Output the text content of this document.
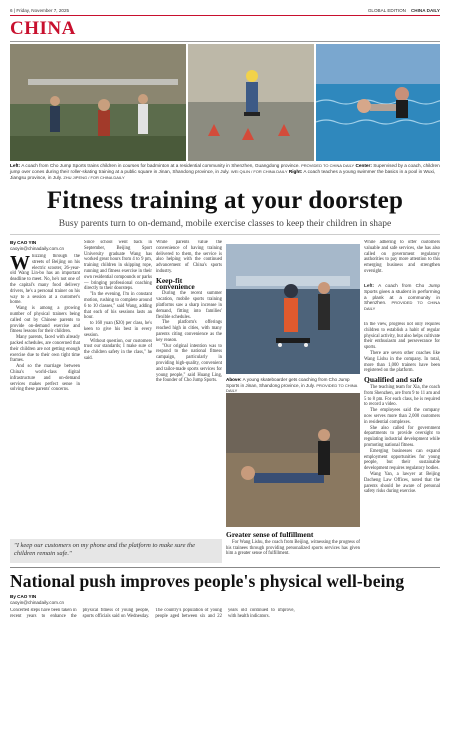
6 | Friday, November 7, 2025	GLOBAL EDITION CHINA DAILY
CHINA
Left: A coach from Cho Jump Sports trains children in courses for badminton at a residential community in Shenzhen, Guangdong province. PROVIDED TO CHINA DAILY Center: Supervised by a coach, children jump over cones during their roller-skating training at a public square in Jinan, Shandong province, in July. WEI QILIN / FOR CHINA DAILY Right: A coach teaches a young swimmer the basics in a pool in Wuxi, Jiangsu province, in July. ZHU JIPENG / FOR CHINA DAILY
Fitness training at your doorstep
Busy parents turn to on-demand, mobile exercise classes to keep their children in shape
By CAO YIN
caoyin@chinadaily.com.cn

Whizzing through the streets of Beijing on his electric scooter, 26-year-old Wang Lin-bo has an important deadline to meet. No, he's not one of the capital's many food delivery drivers, he's a personal trainer on his way to a session at a customer's home.

Wang is among a growing number of physical trainers being called out by Chinese parents to provide on-demand exercise and fitness lessons for their children.

Many parents, faced with already packed schedules, are concerned that their children are not getting enough exercise due to their own tight time frames.

And so the marriage between China's world-class digital infrastructure and on-demand services makes perfect sense in solving these parents' concerns.

Since school went back in September, Beijing Sport University graduate Wang has worked great hours from 4 to 9 pm, training children in skipping rope, running and fitness exercise in their own residential compounds or parks — bringing professional coaching directly to their doorsteps.

"In the evening, I'm in constant motion, rushing to complete around 6 to 10 classes," said Wang, adding that each of his sessions lasts an hour.

to 160 yuan ($20) per class, he's keen to give his best in every session.

Without question, our customers trust our standards; I make sure of the children safety in the class," he said.

While parents value the convenience of having training delivered to them, the service is also helping with the continued advancement of China's sports industry.

Keep-fit convenience

During the recent summer vacation, mobile sports training platforms saw a sharp increase in demand, fitting into families' flexible schedules.

The platform's offerings reached high in cities, with many parents citing convenience as the key reason.

"Our original intention was to respond to the national fitness campaign, particularly in providing high-quality, convenient and tailor-made sports services for young people," said Huang Ling, the founder of Cho Jump Sports.	Above: A young skateboarder gets coaching from Cho Jump Sports in Jinan, Shandong province, in July. PROVIDED TO CHINA DAILY

While adhering to offer customers valuable and safe services, she has also called on government regulatory authorities to pay more attention to this emerging business and strengthen oversight.

Left: A coach from Cho Jump Sports gives a student in performing a plank at a community in Shenzhen. PROVIDED TO CHINA DAILY

In the view, progress not only requires children to establish a habit of regular physical activity, but also helps cultivate their enthusiasm and perseverance for sports.

There are seven other coaches like Wang Lishu in the company. In total, more than 1,000 trainers have been registered on the platform.

Qualified and safe

The teaching team for Xia, the coach from Shenzhen, are from 9 to 11 am and 5 to 8 pm. For each class, he is required to record a video.

The employees said the company now serves more than 2,000 customers in residential complexes.

She also called for government departments to provide oversight to regulating industrial development while promoting national fitness.

Emerging businesses can expand employment opportunities for young people, but their sustainable development requires regulatory bodies.

Wang Yan, a lawyer at Beijing Dacheng Law Offices, noted that the parents should be aware of personal safety risks during exercise.

Greater sense of fulfillment

For Wang Lishu, the coach from Beijing, witnessing the progress of his trainees through providing personalized sports services has given him a greater sense of fulfillment.

"I keep our customers on my phone and the platform to make sure the children remain safe."
National push improves people's physical well-being
By CAO YIN
caoyin@chinadaily.com.cn

Concerted steps have been taken in recent years to enhance the physical fitness of young people, sports officials said on Wednesday. The country's population of young people aged between six and 22 years old continued to improve, with health indicators.
